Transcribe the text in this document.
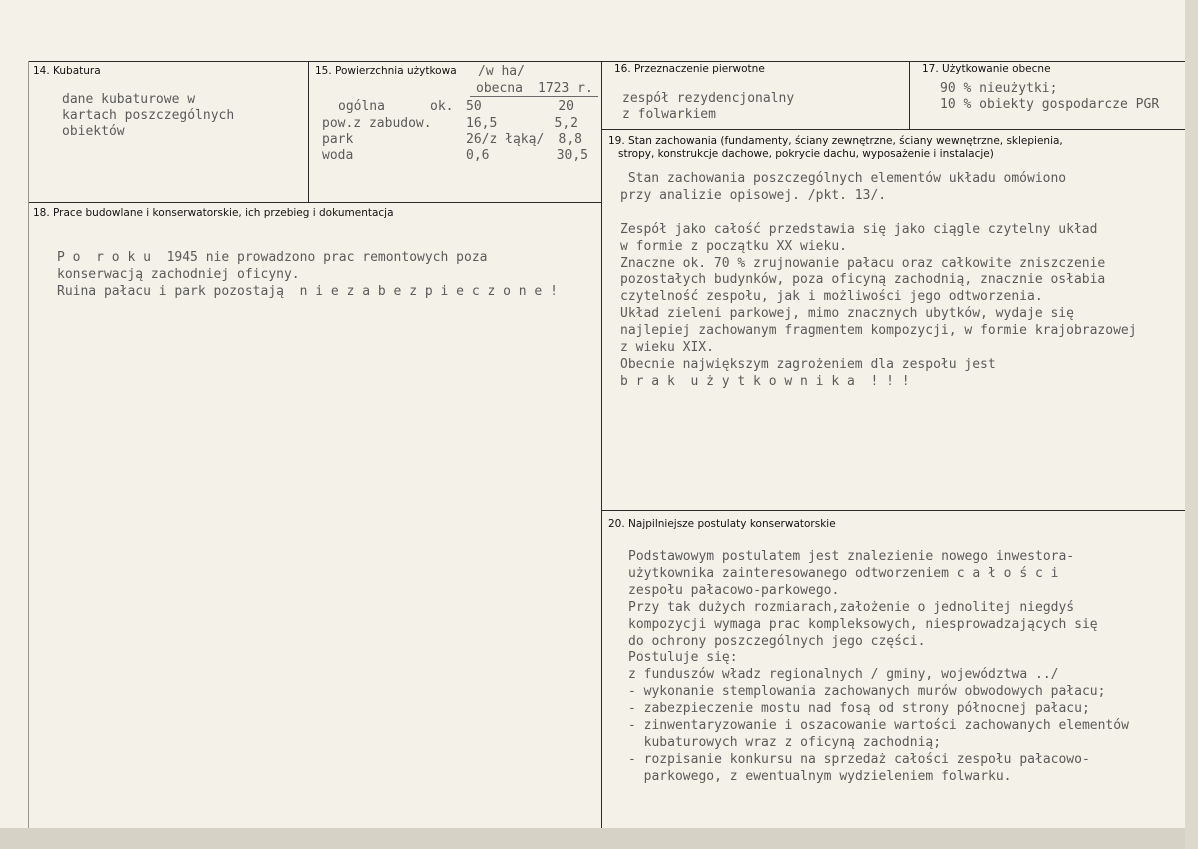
14. Kubatura
dane kubaturowe w
kartach poszczególnych
obiektów
15. Powierzchnia użytkowa /w ha/
obecna 1723 r.
ogólna	ok. 50	20
pow.z zabudow.	16,5	5,2
park	26/z łąką/	8,8
woda	0,6	30,5
16. Przeznaczenie pierwotne
zespół rezydencjonalny
z folwarkiem
17. Użytkowanie obecne
90 % nieużytki;
10 % obiekty gospodarcze PGR
18. Prace budowlane i konserwatorskie, ich przebieg i dokumentacja
P o  r o k u  1945 nie prowadzono prac remontowych poza
konserwacją zachodniej oficyny.
Ruina pałacu i park pozostają  n i e z a b e z p i e c z o n e !
19. Stan zachowania (fundamenty, ściany zewnętrzne, ściany wewnętrzne, sklepienia,
stropy, konstrukcje dachowe, pokrycie dachu, wyposażenie i instalacje)
Stan zachowania poszczególnych elementów układu omówiono
przy analizie opisowej. /pkt. 13/.
Zespół jako całość przedstawia się jako ciągle czytelny układ
w formie z początku XX wieku.
Znaczne ok. 70 % zrujnowanie pałacu oraz całkowite zniszczenie
pozostałych budynków, poza oficyną zachodnią, znacznie osłabia
czytelność zespołu, jak i możliwości jego odtworzenia.
Układ zieleni parkowej, mimo znacznych ubytków, wydaje się
najlepiej zachowanym fragmentem kompozycji, w formie krajobrazowej
z wieku XIX.
Obecnie największym zagrożeniem dla zespołu jest
b r a k  u ż y t k o w n i k a  ! ! !
20. Najpilniejsze postulaty konserwatorskie
Podstawowym postulatem jest znalezienie nowego inwestora-
użytkownika zainteresowanego odtworzeniem c a ł o ś c i
zespołu pałacowo-parkowego.
Przy tak dużych rozmiarach,założenie o jednolitej niegdyś
kompozycji wymaga prac kompleksowych, niesprowadzających się
do ochrony poszczególnych jego części.
Postuluje się:
z funduszów władz regionalnych / gminy, województwa ../
- wykonanie stemplowania zachowanych murów obwodowych pałacu;
- zabezpieczenie mostu nad fosą od strony północnej pałacu;
- zinwentaryzowanie i oszacowanie wartości zachowanych elementów
kubaturowych wraz z oficyną zachodnią;
- rozpisanie konkursu na sprzedaż całości zespołu pałacowo-
parkowego, z ewentualnym wydzieleniem folwarku.
